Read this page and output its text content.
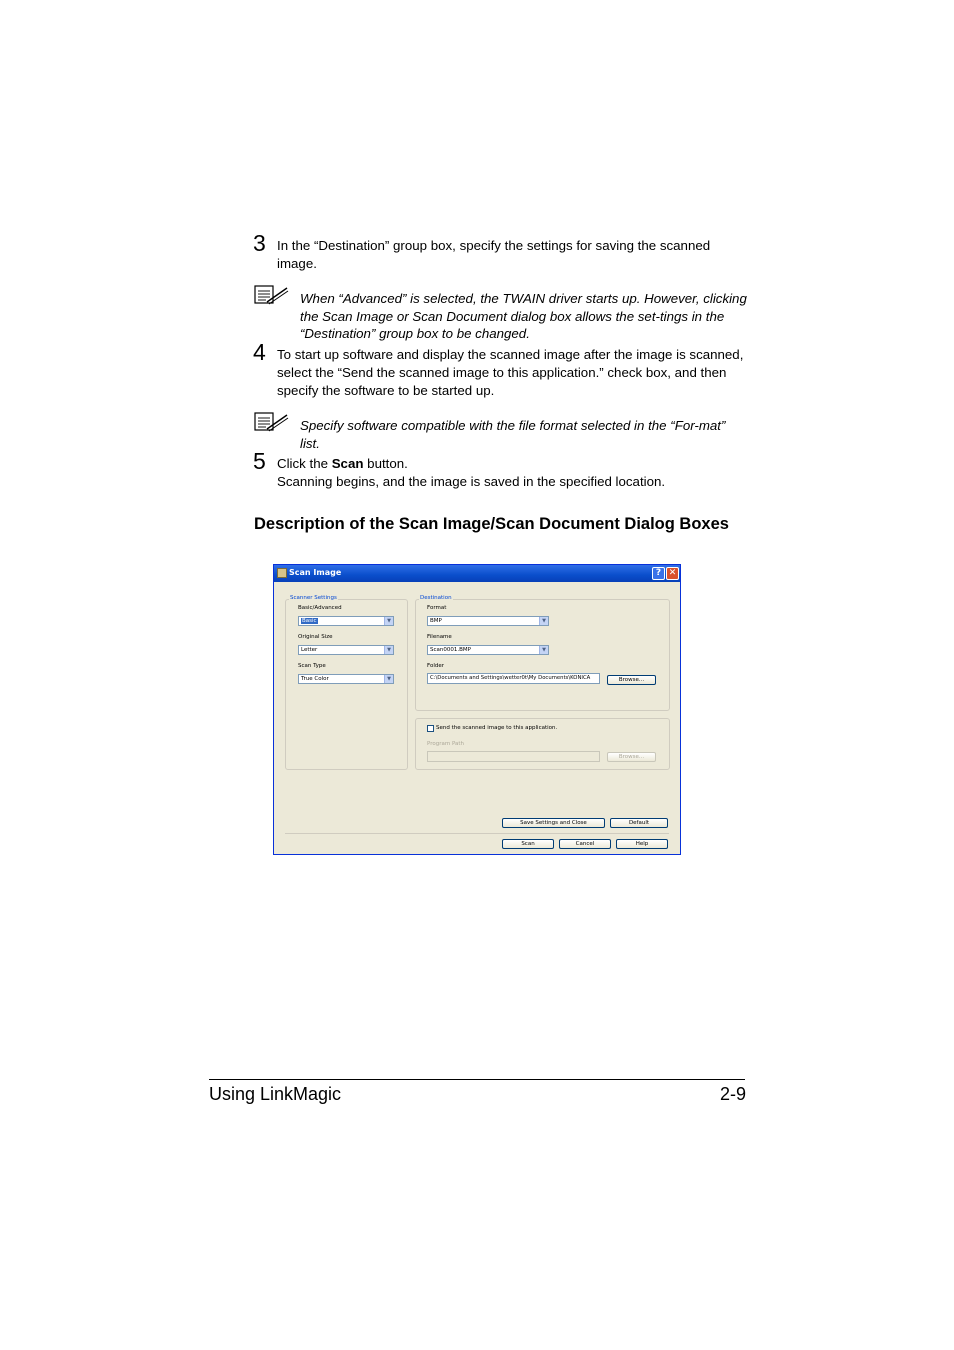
3 In the “Destination” group box, specify the settings for saving the scanned image.
When “Advanced” is selected, the TWAIN driver starts up. However, clicking the Scan Image or Scan Document dialog box allows the set-tings in the “Destination” group box to be changed.
4 To start up software and display the scanned image after the image is scanned, select the “Send the scanned image to this application.” check box, and then specify the software to be started up.
Specify software compatible with the file format selected in the “For-mat” list.
5 Click the Scan button.
Scanning begins, and the image is saved in the specified location.
Description of the Scan Image/Scan Document Dialog Boxes
Scan Image	? ✕
Scanner Settings
Basic/Advanced
Basic	▼
Original Size
Letter	▼
Scan Type
True Color	▼
Destination
Format
BMP	▼
Filename
Scan0001.BMP	▼
Folder
C:\Documents and Settings\wetter0t\My Documents\KONICA	Browse...
Send the scanned image to this application.
Program Path
Browse...
Save Settings and Close	Default
Scan	Cancel	Help
Using LinkMagic	2-9
